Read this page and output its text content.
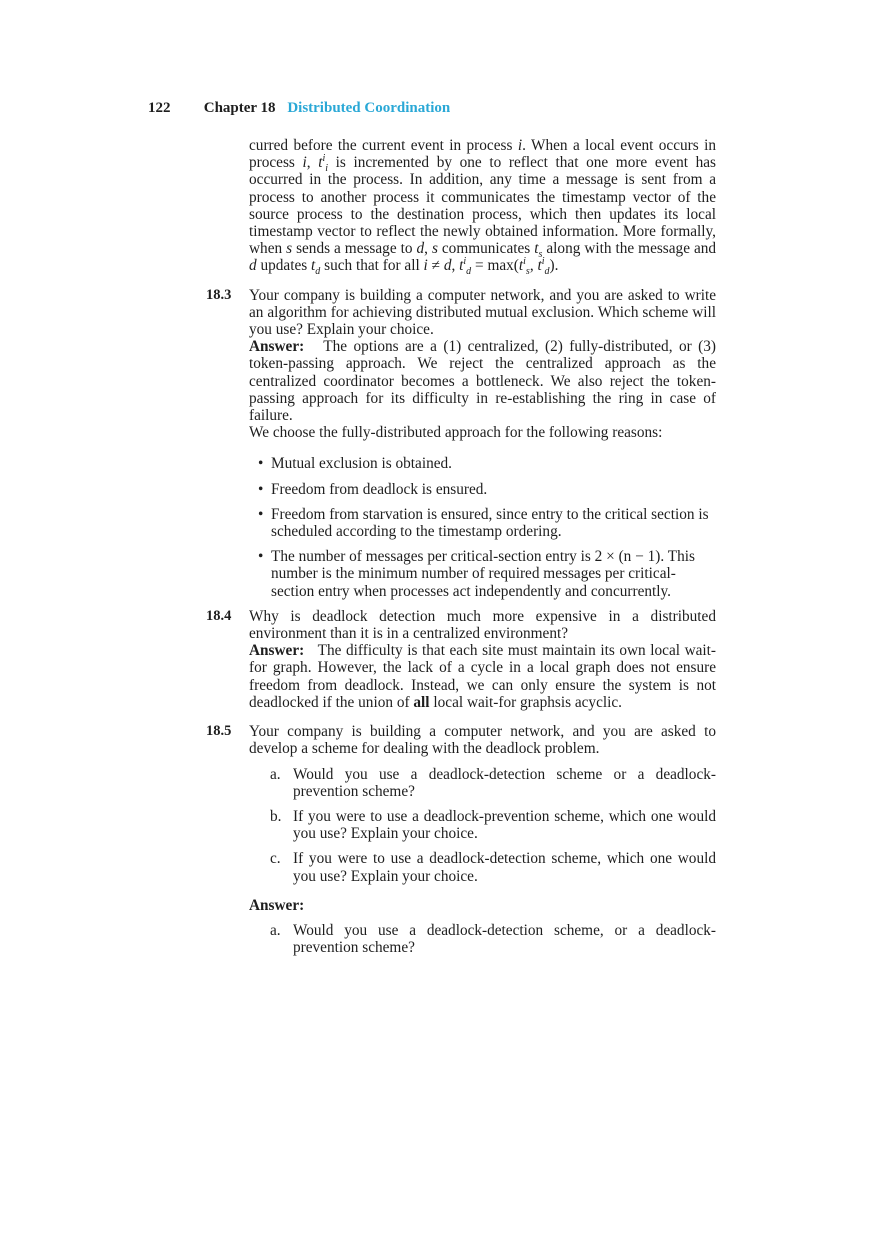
122 Chapter 18 Distributed Coordination

curred before the current event in process i. When a local event occurs in process i, $t^i_i$ is incremented by one to reflect that one more event has occurred in the process. In addition, any time a message is sent from a process to another process it communicates the timestamp vector of the source process to the destination process, which then updates its local timestamp vector to reflect the newly obtained information. More formally, when s sends a message to d, s communicates $t_s$ along with the message and d updates $t_d$ such that for all i ≠ d, $t^i_d = \max(t^i_s$, $t^i_d$).

18.3 Your company is building a computer network, and you are asked to write an algorithm for achieving distributed mutual exclusion. Which scheme will you use? Explain your choice.

Answer: The options are a (1) centralized, (2) fully-distributed, or (3) token-passing approach. We reject the centralized approach as the centralized coordinator becomes a bottleneck. We also reject the token-passing approach for its difficulty in re-establishing the ring in case of failure.

We choose the fully-distributed approach for the following reasons:

• Mutual exclusion is obtained.
• Freedom from deadlock is ensured.
• Freedom from starvation is ensured, since entry to the critical section is scheduled according to the timestamp ordering.
• The number of messages per critical-section entry is 2 × (n − 1). This number is the minimum number of required messages per critical-section entry when processes act independently and concurrently.
18.4 Why is deadlock detection much more expensive in a distributed environment than it is in a centralized environment?

Answer: The difficulty is that each site must maintain its own local wait-for graph. However, the lack of a cycle in a local graph does not ensure freedom from deadlock. Instead, we can only ensure the system is not deadlocked if the union of all local wait-for graphsis acyclic.

18.5 Your company is building a computer network, and you are asked to develop a scheme for dealing with the deadlock problem.

a. Would you use a deadlock-detection scheme or a deadlock-prevention scheme?
b. If you were to use a deadlock-prevention scheme, which one would you use? Explain your choice.
c. If you were to use a deadlock-detection scheme, which one would you use? Explain your choice.

Answer:

a. Would you use a deadlock-detection scheme, or a deadlock-prevention scheme?
